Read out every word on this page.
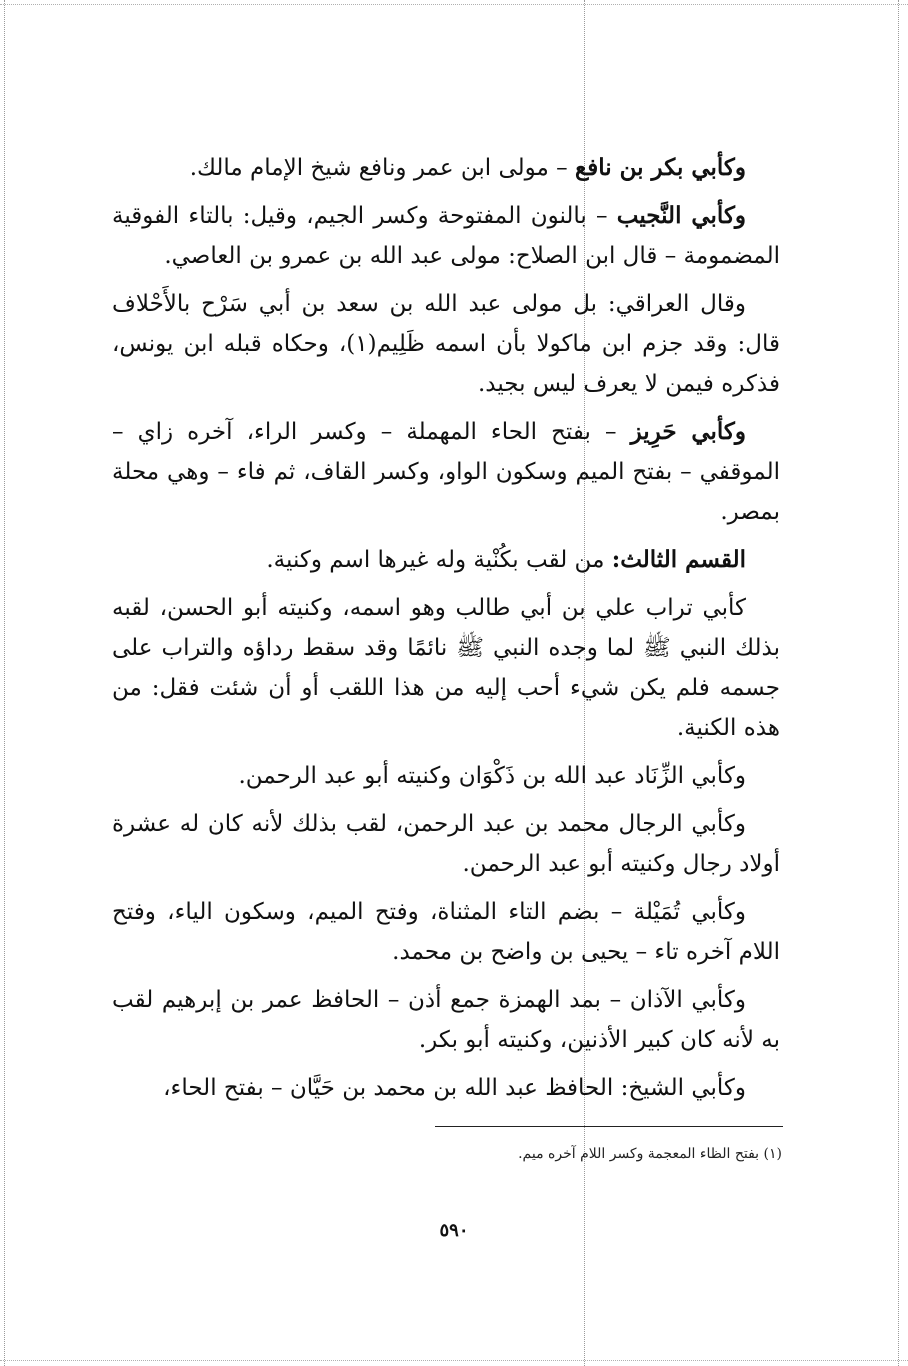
وكأبي بكر بن نافع – مولى ابن عمر ونافع شيخ الإمام مالك.

وكأبي النَّجيب – بالنون المفتوحة وكسر الجيم، وقيل: بالتاء الفوقية المضمومة – قال ابن الصلاح: مولى عبد الله بن عمرو بن العاصي.

وقال العراقي: بل مولى عبد الله بن سعد بن أبي سَرْح بالأَحْلاف قال: وقد جزم ابن ماكولا بأن اسمه ظَلِيم(١)، وحكاه قبله ابن يونس، فذكره فيمن لا يعرف ليس بجيد.

وكأبي حَرِيز – بفتح الحاء المهملة – وكسر الراء، آخره زاي – الموقفي – بفتح الميم وسكون الواو، وكسر القاف، ثم فاء – وهي محلة بمصر.

القسم الثالث: من لقب بكُنْية وله غيرها اسم وكنية.

كأبي تراب علي بن أبي طالب وهو اسمه، وكنيته أبو الحسن، لقبه بذلك النبي ﷺ لما وجده النبي ﷺ نائمًا وقد سقط رداؤه والتراب على جسمه فلم يكن شيء أحب إليه من هذا اللقب أو أن شئت فقل: من هذه الكنية.

وكأبي الزِّنَاد عبد الله بن ذَكْوَان وكنيته أبو عبد الرحمن.

وكأبي الرجال محمد بن عبد الرحمن، لقب بذلك لأنه كان له عشرة أولاد رجال وكنيته أبو عبد الرحمن.

وكأبي تُمَيْلة – بضم التاء المثناة، وفتح الميم، وسكون الياء، وفتح اللام آخره تاء – يحيى بن واضح بن محمد.

وكأبي الآذان – بمد الهمزة جمع أذن – الحافظ عمر بن إبرهيم لقب به لأنه كان كبير الأذنين، وكنيته أبو بكر.

وكأبي الشيخ: الحافظ عبد الله بن محمد بن حَيَّان – بفتح الحاء،

(١) بفتح الظاء المعجمة وكسر اللام آخره ميم.
٥٩٠
